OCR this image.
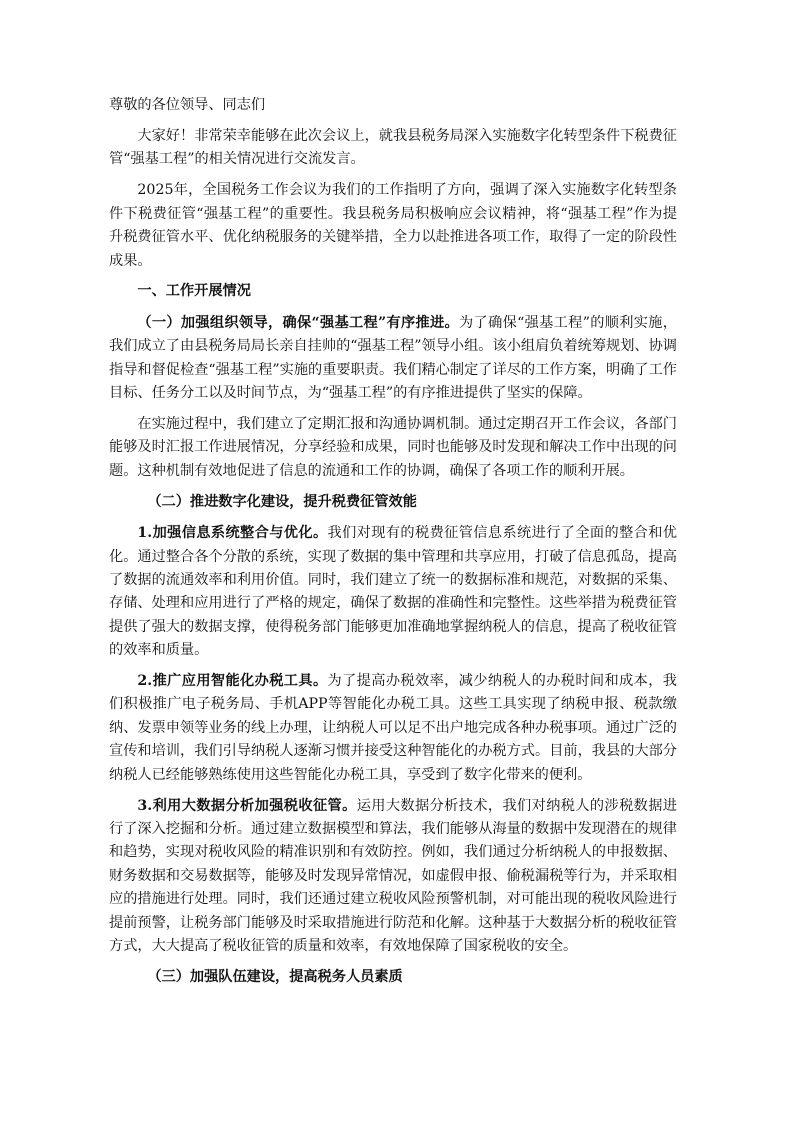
尊敬的各位领导、同志们

大家好！非常荣幸能够在此次会议上，就我县税务局深入实施数字化转型条件下税费征管“强基工程”的相关情况进行交流发言。

2025年，全国税务工作会议为我们的工作指明了方向，强调了深入实施数字化转型条件下税费征管“强基工程”的重要性。我县税务局积极响应会议精神，将“强基工程”作为提升税费征管水平、优化纳税服务的关键举措，全力以赴推进各项工作，取得了一定的阶段性成果。

一、工作开展情况

（一）加强组织领导，确保“强基工程”有序推进。为了确保“强基工程”的顺利实施，我们成立了由县税务局局长亲自挂帅的“强基工程”领导小组。该小组肩负着统筹规划、协调指导和督促检查“强基工程”实施的重要职责。我们精心制定了详尽的工作方案，明确了工作目标、任务分工以及时间节点，为“强基工程”的有序推进提供了坚实的保障。

在实施过程中，我们建立了定期汇报和沟通协调机制。通过定期召开工作会议，各部门能够及时汇报工作进展情况，分享经验和成果，同时也能够及时发现和解决工作中出现的问题。这种机制有效地促进了信息的流通和工作的协调，确保了各项工作的顺利开展。

（二）推进数字化建设，提升税费征管效能

1.加强信息系统整合与优化。我们对现有的税费征管信息系统进行了全面的整合和优化。通过整合各个分散的系统，实现了数据的集中管理和共享应用，打破了信息孤岛，提高了数据的流通效率和利用价值。同时，我们建立了统一的数据标准和规范，对数据的采集、存储、处理和应用进行了严格的规定，确保了数据的准确性和完整性。这些举措为税费征管提供了强大的数据支撑，使得税务部门能够更加准确地掌握纳税人的信息，提高了税收征管的效率和质量。

2.推广应用智能化办税工具。为了提高办税效率，减少纳税人的办税时间和成本，我们积极推广电子税务局、手机APP等智能化办税工具。这些工具实现了纳税申报、税款缴纳、发票申领等业务的线上办理，让纳税人可以足不出户地完成各种办税事项。通过广泛的宣传和培训，我们引导纳税人逐渐习惯并接受这种智能化的办税方式。目前，我县的大部分纳税人已经能够熟练使用这些智能化办税工具，享受到了数字化带来的便利。

3.利用大数据分析加强税收征管。运用大数据分析技术，我们对纳税人的涉税数据进行了深入挖掘和分析。通过建立数据模型和算法，我们能够从海量的数据中发现潜在的规律和趋势，实现对税收风险的精准识别和有效防控。例如，我们通过分析纳税人的申报数据、财务数据和交易数据等，能够及时发现异常情况，如虚假申报、偷税漏税等行为，并采取相应的措施进行处理。同时，我们还通过建立税收风险预警机制，对可能出现的税收风险进行提前预警，让税务部门能够及时采取措施进行防范和化解。这种基于大数据分析的税收征管方式，大大提高了税收征管的质量和效率，有效地保障了国家税收的安全。

（三）加强队伍建设，提高税务人员素质
